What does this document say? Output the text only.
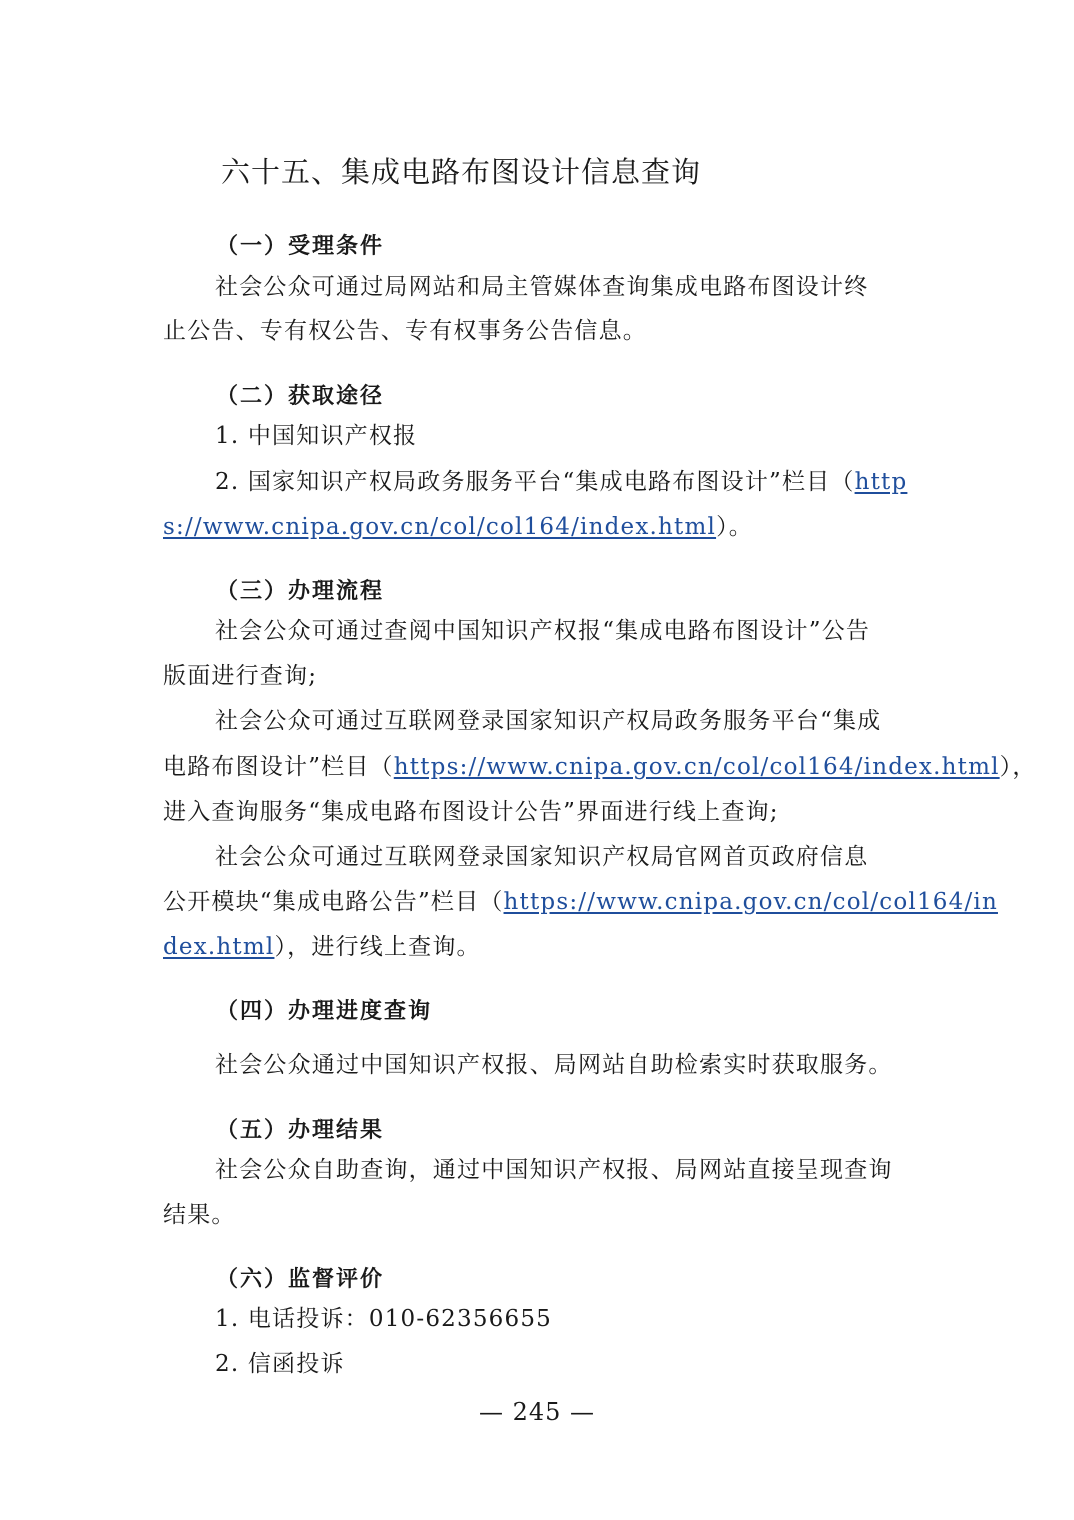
六十五、集成电路布图设计信息查询
（一）受理条件

社会公众可通过局网站和局主管媒体查询集成电路布图设计终

止公告、专有权公告、专有权事务公告信息。

（二）获取途径

1. 中国知识产权报

2. 国家知识产权局政务服务平台“集成电路布图设计”栏目（http

s://www.cnipa.gov.cn/col/col164/index.html）。

（三）办理流程

社会公众可通过查阅中国知识产权报“集成电路布图设计”公告

版面进行查询;

社会公众可通过互联网登录国家知识产权局政务服务平台“集成

电路布图设计”栏目（https://www.cnipa.gov.cn/col/col164/index.html），

进入查询服务“集成电路布图设计公告”界面进行线上查询;

社会公众可通过互联网登录国家知识产权局官网首页政府信息

公开模块“集成电路公告”栏目（https://www.cnipa.gov.cn/col/col164/in

dex.html），进行线上查询。

（四）办理进度查询

社会公众通过中国知识产权报、局网站自助检索实时获取服务。

（五）办理结果

社会公众自助查询，通过中国知识产权报、局网站直接呈现查询

结果。

（六）监督评价

1. 电话投诉：010-62356655

2. 信函投诉

— 245 —
